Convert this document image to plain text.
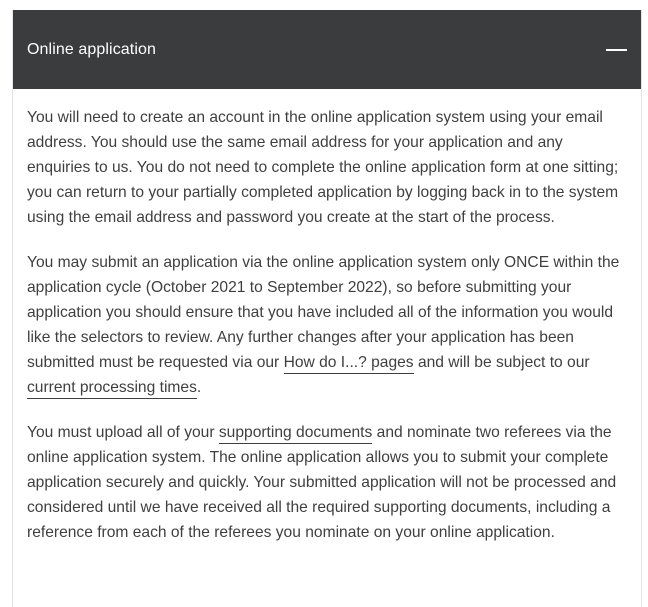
Online application

You will need to create an account in the online application system using your email address. You should use the same email address for your application and any enquiries to us. You do not need to complete the online application form at one sitting; you can return to your partially completed application by logging back in to the system using the email address and password you create at the start of the process.

You may submit an application via the online application system only ONCE within the application cycle (October 2021 to September 2022), so before submitting your application you should ensure that you have included all of the information you would like the selectors to review. Any further changes after your application has been submitted must be requested via our How do I...? pages and will be subject to our current processing times.

You must upload all of your supporting documents and nominate two referees via the online application system. The online application allows you to submit your complete application securely and quickly. Your submitted application will not be processed and considered until we have received all the required supporting documents, including a reference from each of the referees you nominate on your online application.
